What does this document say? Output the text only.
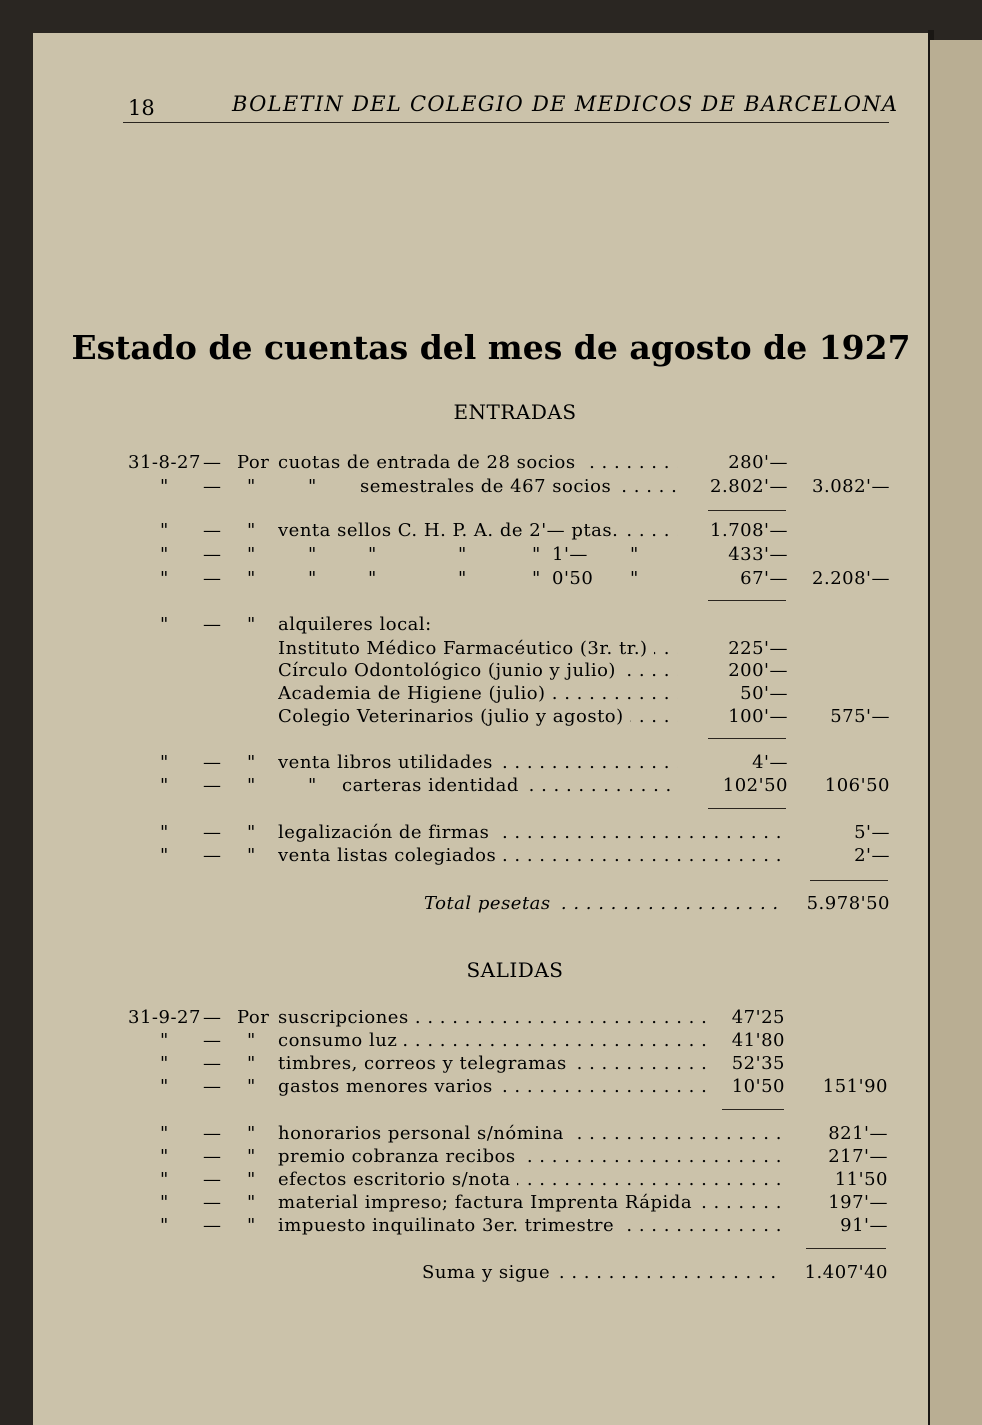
18	BOLETIN DEL COLEGIO DE MEDICOS DE BARCELONA
Estado de cuentas del mes de agosto de 1927
ENTRADAS
31-8-27 — Por cuotas de entrada de 28 socios . . .	280'—
" — "	" semestrales de 467 socios . . .	2.802'—	3.082'—
" — " venta sellos C. H. P. A. de 2'— ptas. . . .	1.708'—
" — "	"	"	"	" 1'— "	433'—
" — "	"	"	"	" 0'50 "	67'—	2.208'—
" — " alquileres local:
Instituto Médico Farmacéutico (3r. tr.) . . .	225'—
Círculo Odontológico (junio y julio) . . .	200'—
Academia de Higiene (julio) . . .	50'—
Colegio Veterinarios (julio y agosto) . . .	100'—	575'—
" — " venta libros utilidades . . .	4'—
" — "	" carteras identidad . . .	102'50	106'50
" — " legalización de firmas . . .	5'—
" — " venta listas colegiados . . .	2'—
Total pesetas . . .	5.978'50
SALIDAS
31-9-27 — Por suscripciones . . .	47'25
" — " consumo luz . . .	41'80
" — " timbres, correos y telegramas . . .	52'35
" — " gastos menores varios . . .	10'50	151'90
" — " honorarios personal s/nómina . . .	821'—
" — " premio cobranza recibos . . .	217'—
" — " efectos escritorio s/nota . . .	11'50
" — " material impreso; factura Imprenta Rápida . . .	197'—
" — " impuesto inquilinato 3er. trimestre . . .	91'—
Suma y sigue . . .	1.407'40
